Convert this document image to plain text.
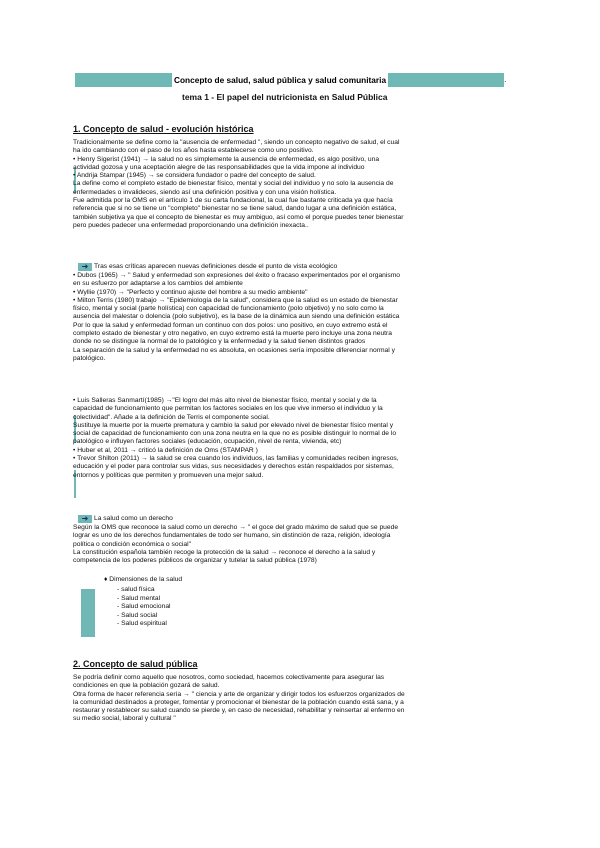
Concepto de salud, salud pública y salud comunitaria	.
tema 1 - El papel del nutricionista en Salud Pública
1. Concepto de salud - evolución histórica
Tradicionalmente se define como la "ausencia de enfermedad ", siendo un concepto negativo de salud, el cual
ha ido cambiando con el paso de los años hasta establecerse como uno positivo.
• Henry Sigerist (1941) → la salud no es simplemente la ausencia de enfermedad, es algo positivo, una
actividad gozosa y una aceptación alegre de las responsabilidades que la vida impone al individuo
• Andrija Stampar (1945) → se considera fundador o padre del concepto de salud.
La define como el completo estado de bienestar físico, mental y social del individuo y no solo la ausencia de
enfermedades o invalideces, siendo así una definición positiva y con una visión holística.
Fue admitida por la OMS en el artículo 1 de su carta fundacional, la cual fue bastante criticada ya que hacía
referencia que si no se tiene un "completo" bienestar no se tiene salud, dando lugar a una definición estática,
también subjetiva ya que el concepto de bienestar es muy ambiguo, así como el porque puedes tener bienestar
pero puedes padecer una enfermedad proporcionando una definición inexacta..
➜ Tras esas críticas aparecen nuevas definiciones desde el punto de vista ecológico
• Dubos (1965) → " Salud y enfermedad son expresiones del éxito o fracaso experimentados por el organismo
en su esfuerzo por adaptarse a los cambios del ambiente
• Wyllie (1970) → "Perfecto y continuo ajuste del hombre a su medio ambiente"
• Milton Terris (1980) trabajo → "Epidemiología de la salud", considera que la salud es un estado de bienestar
físico, mental y social (parte holística) con capacidad de funcionamiento (polo objetivo) y no solo como la
ausencia del malestar o dolencia (polo subjetivo), es la base de la dinámica aun siendo una definición estática
Por lo que la salud y enfermedad forman un continuo con dos polos: uno positivo, en cuyo extremo está el
completo estado de bienestar y otro negativo, en cuyo extremo está la muerte pero incluye una zona neutra
donde no se distingue la normal de lo patológico y la enfermedad y la salud tienen distintos grados
La separación de la salud y la enfermedad no es absoluta, en ocasiones sería imposible diferenciar normal y
patológico.
• Luis Salleras Sanmartí(1985) →"El logro del más alto nivel de bienestar físico, mental y social y de la
capacidad de funcionamiento que permitan los factores sociales en los que vive inmerso el individuo y la
colectividad". Añade a la definición de Terris el componente social.
Sustituye la muerte por la muerte prematura y cambio la salud por elevado nivel de bienestar físico mental y
social de capacidad de funcionamiento con una zona neutra en la que no es posible distinguir lo normal de lo
patológico e influyen factores sociales (educación, ocupación, nivel de renta, vivienda, etc)
• Huber et al, 2011 → criticó la definición de Oms (STAMPAR )
• Trevor Shilton (2011) → la salud se crea cuando los individuos, las familias y comunidades reciben ingresos,
educación y el poder para controlar sus vidas, sus necesidades y derechos están respaldados por sistemas,
entornos y políticas que permiten y promueven una mejor salud.
➜ La salud como un derecho
Según la OMS que reconoce la salud como un derecho → " el goce del grado máximo de salud que se puede
lograr es uno de los derechos fundamentales de todo ser humano, sin distinción de raza, religión, ideología
política o condición económica o social"
La constitución española también recoge la protección de la salud → reconoce el derecho a la salud y
competencia de los poderes públicos de organizar y tutelar la salud pública (1978)
♦ Dimensiones de la salud
- salud física
- Salud mental
- Salud emocional
- Salud social
- Salud espiritual
2. Concepto de salud pública
Se podría definir como aquello que nosotros, como sociedad, hacemos colectivamente para asegurar las
condiciones en que la población gozará de salud.
Otra forma de hacer referencia sería → " ciencia y arte de organizar y dirigir todos los esfuerzos organizados de
la comunidad destinados a proteger, fomentar y promocionar el bienestar de la población cuando está sana, y a
restaurar y restablecer su salud cuando se pierde y, en caso de necesidad, rehabilitar y reinsertar al enfermo en
su medio social, laboral y cultural "
